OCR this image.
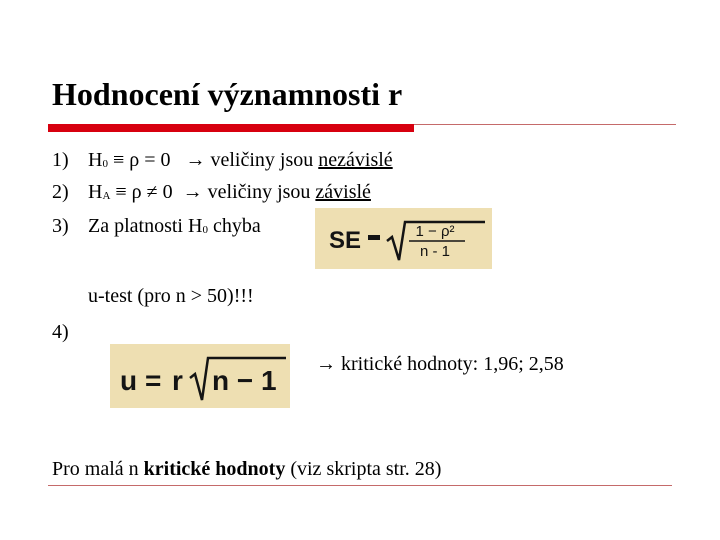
Hodnocení významnosti r
1) H0 ≡ ρ = 0   → veličiny jsou nezávislé
2) HA ≡ ρ ≠ 0  → veličiny jsou závislé
3) Za platnosti H0 chyba
SE	1 − ρ²
n - 1
u-test (pro n > 50)!!!
4)
u = r n − 1
→ kritické hodnoty: 1,96; 2,58
Pro malá n kritické hodnoty (viz skripta str. 28)
